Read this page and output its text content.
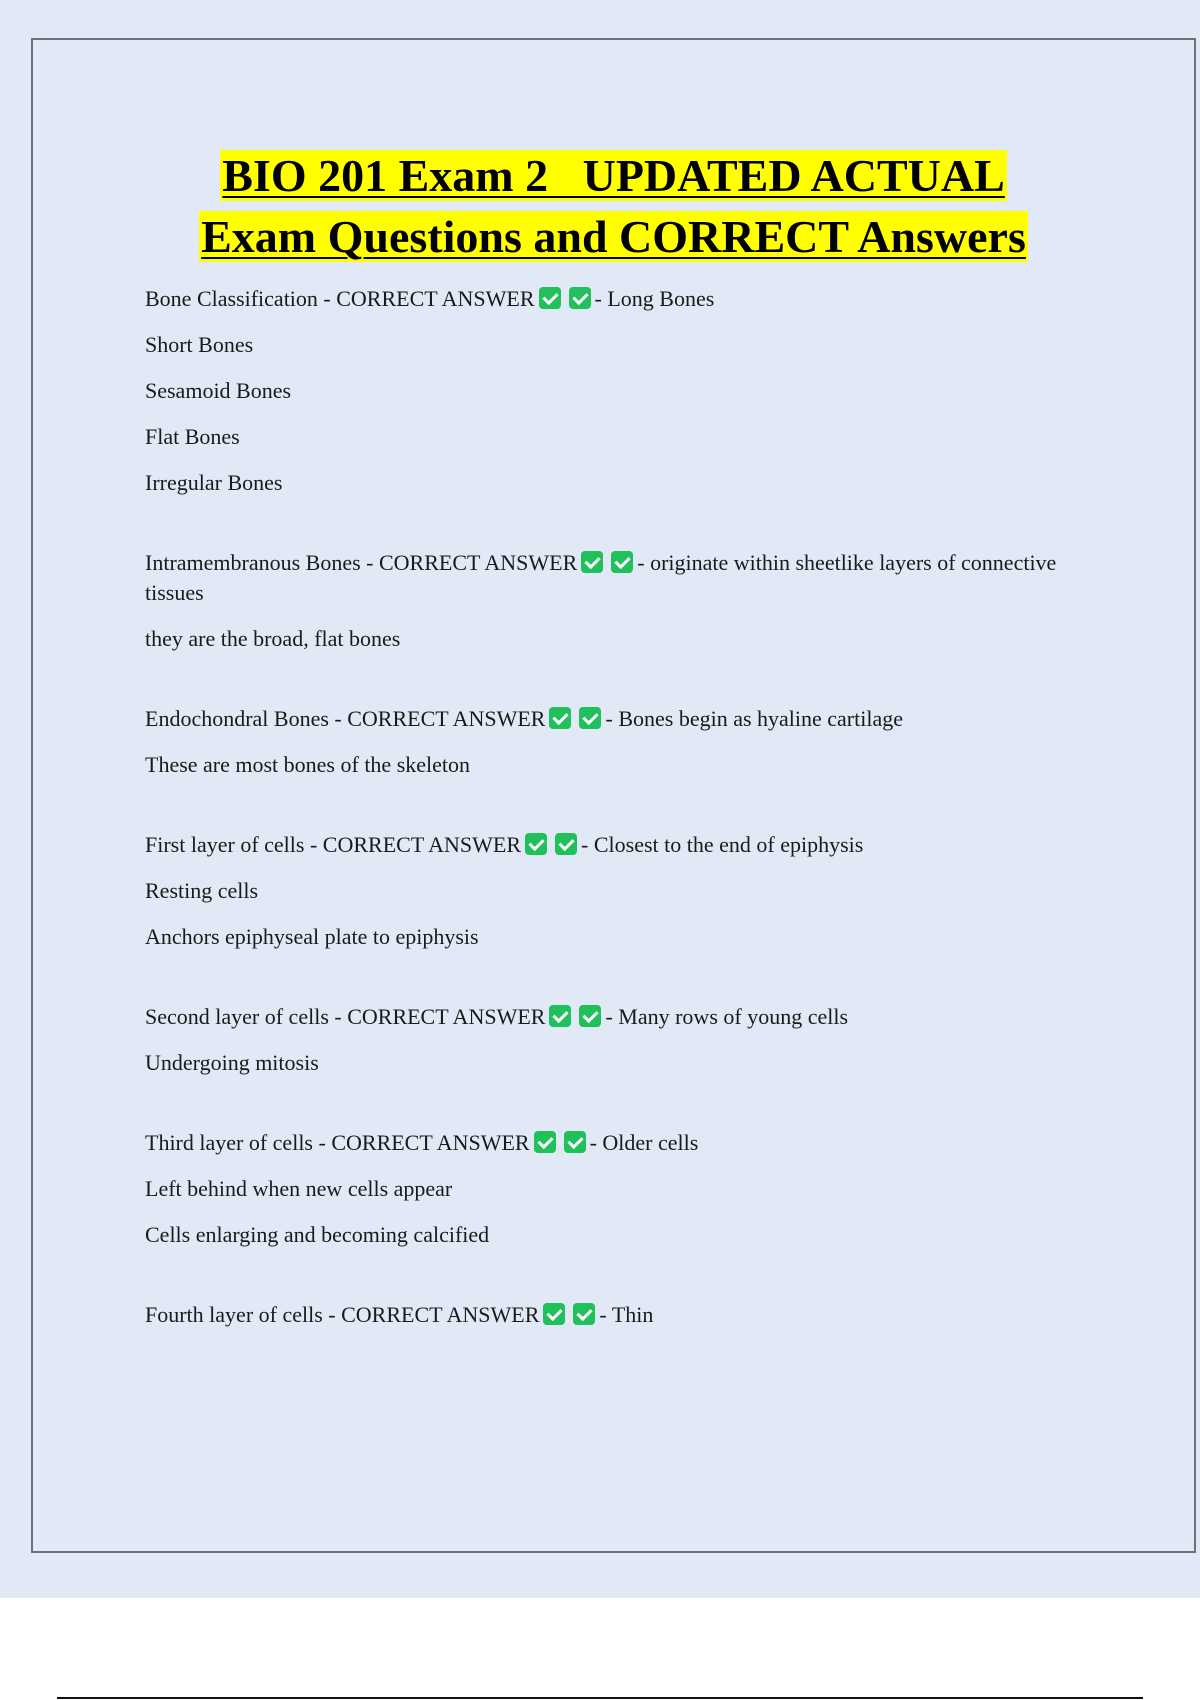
BIO 201 Exam 2   UPDATED ACTUAL
Exam Questions and CORRECT Answers
Bone Classification - CORRECT ANSWER	- Long Bones
Short Bones
Sesamoid Bones
Flat Bones
Irregular Bones
Intramembranous Bones - CORRECT ANSWER	- originate within sheetlike layers of connective tissues
they are the broad, flat bones
Endochondral Bones - CORRECT ANSWER	- Bones begin as hyaline cartilage
These are most bones of the skeleton
First layer of cells - CORRECT ANSWER	- Closest to the end of epiphysis
Resting cells
Anchors epiphyseal plate to epiphysis
Second layer of cells - CORRECT ANSWER	- Many rows of young cells
Undergoing mitosis
Third layer of cells - CORRECT ANSWER	- Older cells
Left behind when new cells appear
Cells enlarging and becoming calcified
Fourth layer of cells - CORRECT ANSWER	- Thin
